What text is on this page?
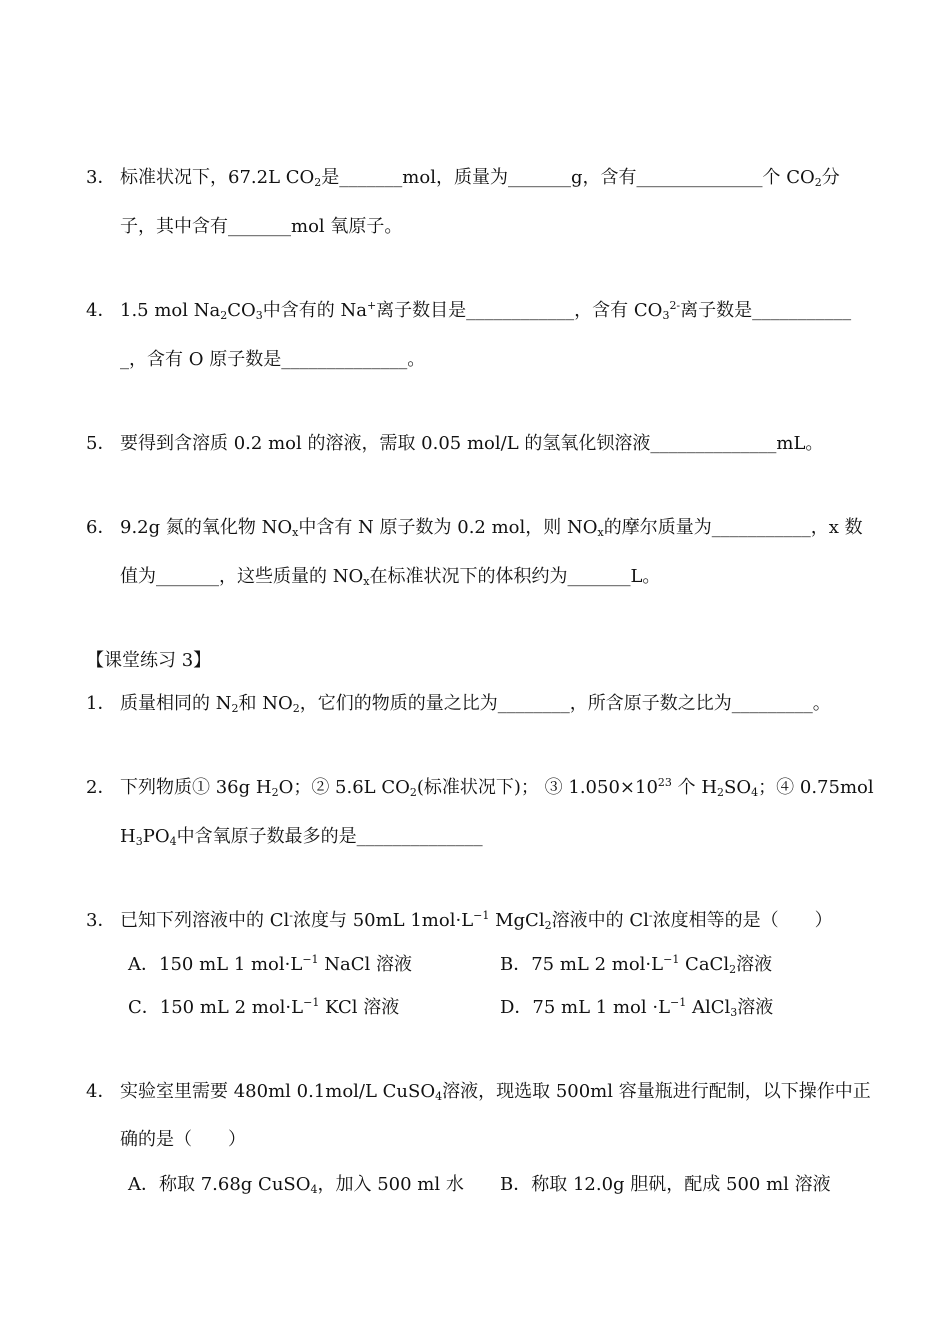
3． 标准状况下，67.2L $CO_2$是_______mol，质量为_______g，含有______________个 $CO_2$分
子，其中含有_______mol 氧原子。
4． 1.5 mol $Na_2CO_3$中含有的 Na+离子数目是____________，含有 $CO_3^{2-}$离子数是___________
_，含有 O 原子数是______________。
5． 要得到含溶质 0.2 mol 的溶液，需取 0.05 mol/L 的氢氧化钡溶液______________mL。
6． 9.2g 氮的氧化物 $NO_x$中含有 N 原子数为 0.2 mol，则 $NO_x$的摩尔质量为___________，x 数
值为_______，这些质量的 $NO_x$在标准状况下的体积约为_______L。
【课堂练习 3】
1． 质量相同的 $N_2$和 $NO_2$，它们的物质的量之比为________，所含原子数之比为_________。
2． 下列物质① 36g $H_2O$；② 5.6L $CO_2$(标准状况下)； ③ $1.050\times 10^{23}$ 个 $H_2SO_4$；④ 0.75mol
$H_3PO_4$中含氧原子数最多的是______________
3． 已知下列溶液中的 Cl-浓度与 50mL $1mol\cdot L^{-1}$ MgCl$_2$溶液中的 Cl-浓度相等的是（　　）
A．150 mL 1 $mol\cdot L^{-1}$ NaCl 溶液	B．75 mL 2 $mol\cdot L^{-1}$ CaCl$_2$溶液
C．150 mL 2 $mol\cdot L^{-1}$ KCl 溶液	D．75 mL 1 mol $\cdot L^{-1}$ AlCl$_3$溶液
4． 实验室里需要 480ml 0.1mol/L CuSO$_4$溶液，现选取 500ml 容量瓶进行配制，以下操作中正
确的是（　　）
A．称取 7.68g CuSO$_4$，加入 500 ml 水 B．称取 12.0g 胆矾，配成 500 ml 溶液
